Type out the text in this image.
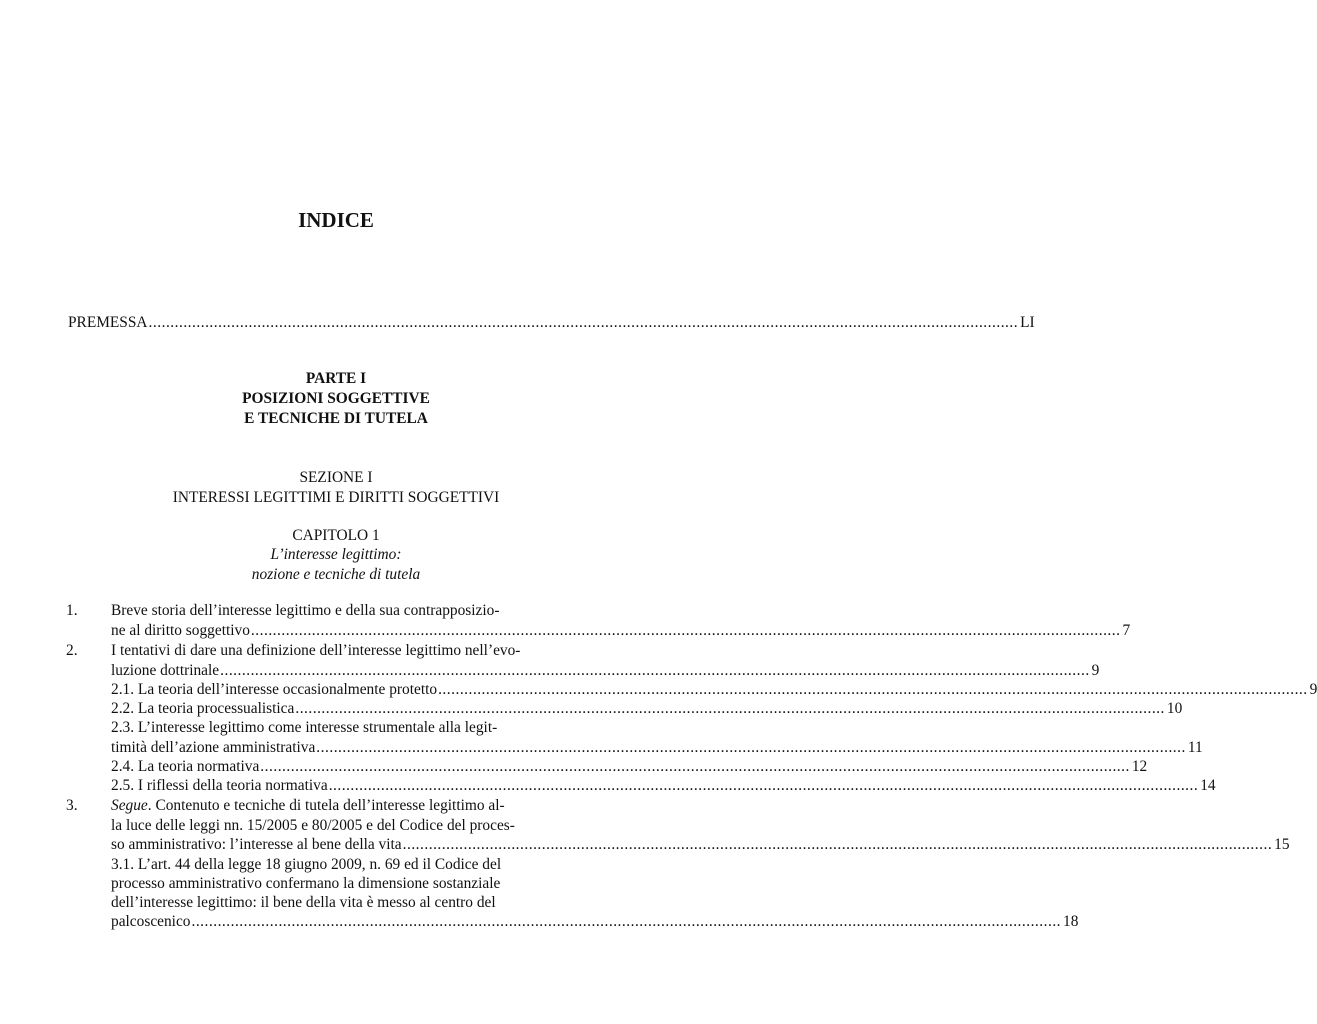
INDICE
PREMESSA ........................................................................................................................................................................................................ LI
PARTE I
POSIZIONI SOGGETTIVE
E TECNICHE DI TUTELA
SEZIONE I
INTERESSI LEGITTIMI E DIRITTI SOGGETTIVI
CAPITOLO 1
L’interesse legittimo:
nozione e tecniche di tutela
1. Breve storia dell’interesse legittimo e della sua contrapposizio-
ne al diritto soggettivo ........................................................................................................................................................................................................ 7
2. I tentativi di dare una definizione dell’interesse legittimo nell’evo-
luzione dottrinale ........................................................................................................................................................................................................ 9
2.1. La teoria dell’interesse occasionalmente protetto ........................................................................................................................................................................................................ 9
2.2. La teoria processualistica ........................................................................................................................................................................................................ 10
2.3. L’interesse legittimo come interesse strumentale alla legit-
timità dell’azione amministrativa ........................................................................................................................................................................................................ 11
2.4. La teoria normativa ........................................................................................................................................................................................................ 12
2.5. I riflessi della teoria normativa ........................................................................................................................................................................................................ 14
3. Segue. Contenuto e tecniche di tutela dell’interesse legittimo al-
la luce delle leggi nn. 15/2005 e 80/2005 e del Codice del proces-
so amministrativo: l’interesse al bene della vita ........................................................................................................................................................................................................ 15
3.1. L’art. 44 della legge 18 giugno 2009, n. 69 ed il Codice del
processo amministrativo confermano la dimensione sostanziale
dell’interesse legittimo: il bene della vita è messo al centro del
palcoscenico ........................................................................................................................................................................................................ 18
